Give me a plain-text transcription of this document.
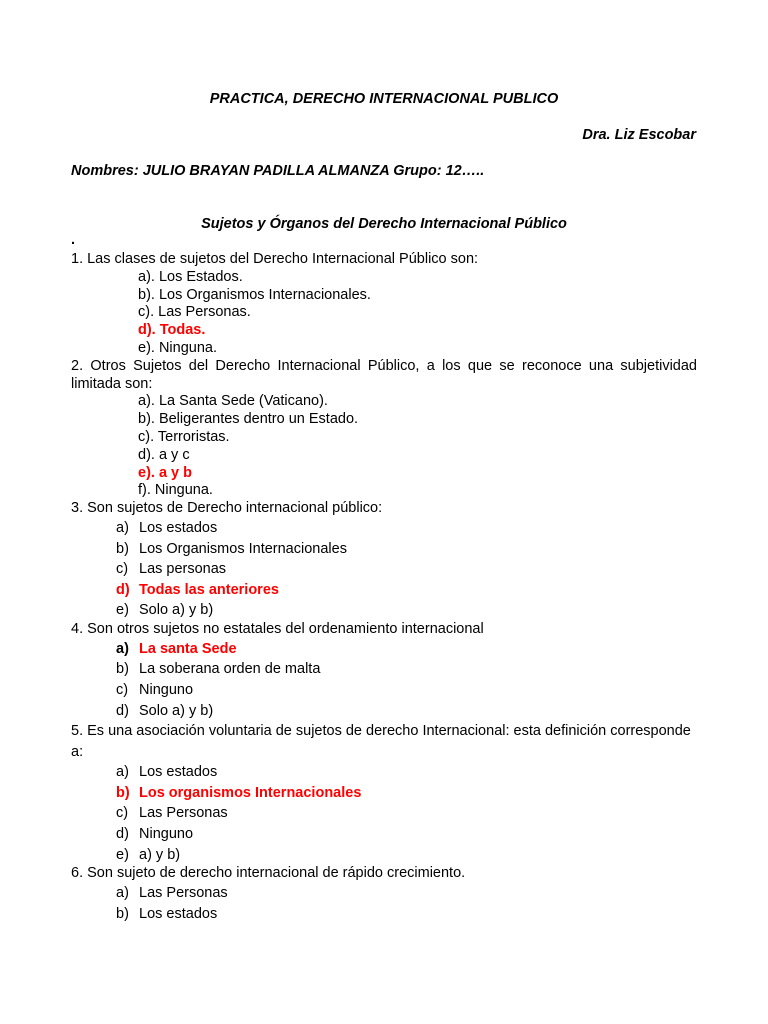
PRACTICA, DERECHO INTERNACIONAL PUBLICO
Dra. Liz Escobar
Nombres: JULIO BRAYAN PADILLA ALMANZA Grupo: 12…..
Sujetos y Órganos del Derecho Internacional Público
.

1. Las clases de sujetos del Derecho Internacional Público son:

a). Los Estados.
b). Los Organismos Internacionales.
c). Las Personas.
d). Todas.
e). Ninguna.

2. Otros Sujetos del Derecho Internacional Público, a los que se reconoce una subjetividad limitada son:

a). La Santa Sede (Vaticano).
b). Beligerantes dentro un Estado.
c). Terroristas.
d). a y c
e). a y b
f). Ninguna.

3. Son sujetos de Derecho internacional público:

a) Los estados
b) Los Organismos Internacionales
c) Las personas
d) Todas las anteriores
e) Solo a) y b)

4. Son otros sujetos no estatales del ordenamiento internacional

a) La santa Sede
b) La soberana orden de malta
c) Ninguno
d) Solo a) y b)

5. Es una asociación voluntaria de sujetos de derecho Internacional: esta definición corresponde a:

a) Los estados
b) Los organismos Internacionales
c) Las Personas
d) Ninguno
e) a) y b)

6. Son sujeto de derecho internacional de rápido crecimiento.

a) Las Personas
b) Los estados
